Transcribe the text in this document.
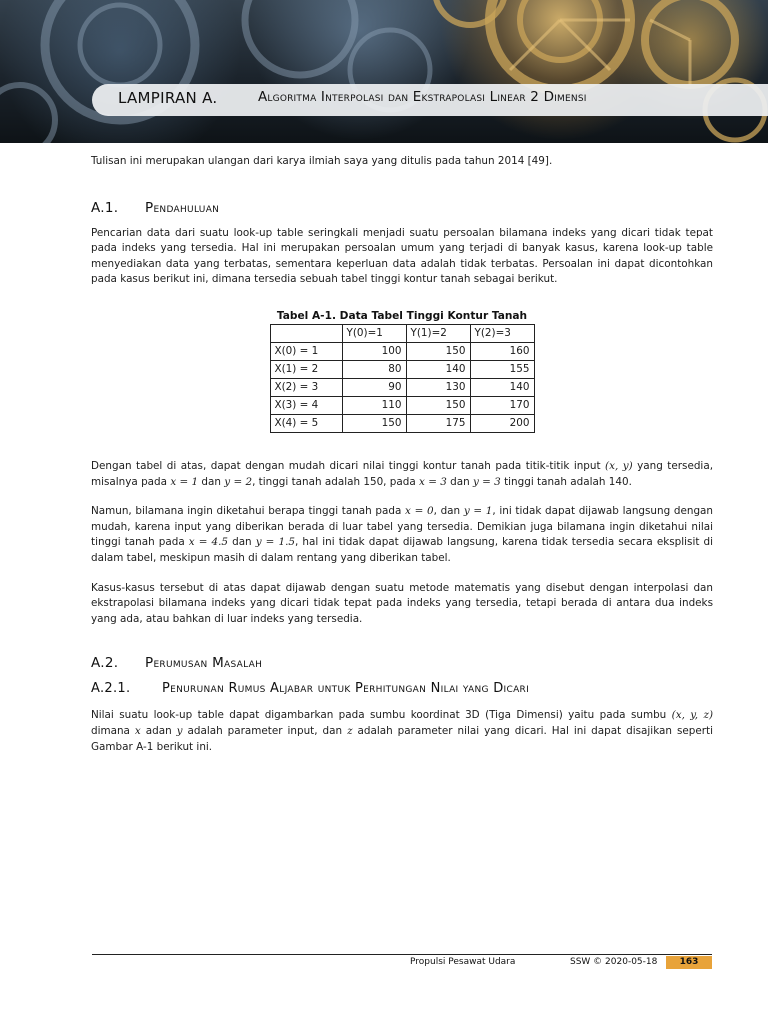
LAMPIRAN A.	Algoritma Interpolasi dan Ekstrapolasi Linear 2 Dimensi

Tulisan ini merupakan ulangan dari karya ilmiah saya yang ditulis pada tahun 2014 [49].

A.1. Pendahuluan

Pencarian data dari suatu look-up table seringkali menjadi suatu persoalan bilamana indeks yang dicari tidak tepat pada indeks yang tersedia. Hal ini merupakan persoalan umum yang terjadi di banyak kasus, karena look-up table menyediakan data yang terbatas, sementara keperluan data adalah tidak terbatas. Persoalan ini dapat dicontohkan pada kasus berikut ini, dimana tersedia sebuah tabel tinggi kontur tanah sebagai berikut.

Tabel A-1. Data Tabel Tinggi Kontur Tanah
	Y(0)=1	Y(1)=2	Y(2)=3
X(0) = 1	100	150	160
X(1) = 2	80	140	155
X(2) = 3	90	130	140
X(3) = 4	110	150	170
X(4) = 5	150	175	200

Dengan tabel di atas, dapat dengan mudah dicari nilai tinggi kontur tanah pada titik-titik input (x, y) yang tersedia, misalnya pada x = 1 dan y = 2, tinggi tanah adalah 150, pada x = 3 dan y = 3 tinggi tanah adalah 140.

Namun, bilamana ingin diketahui berapa tinggi tanah pada x = 0, dan y = 1, ini tidak dapat dijawab langsung dengan mudah, karena input yang diberikan berada di luar tabel yang tersedia. Demikian juga bilamana ingin diketahui nilai tinggi tanah pada x = 4.5 dan y = 1.5, hal ini tidak dapat dijawab langsung, karena tidak tersedia secara eksplisit di dalam tabel, meskipun masih di dalam rentang yang diberikan tabel.

Kasus-kasus tersebut di atas dapat dijawab dengan suatu metode matematis yang disebut dengan interpolasi dan ekstrapolasi bilamana indeks yang dicari tidak tepat pada indeks yang tersedia, tetapi berada di antara dua indeks yang ada, atau bahkan di luar indeks yang tersedia.

A.2. Perumusan Masalah
A.2.1. Penurunan Rumus Aljabar untuk Perhitungan Nilai yang Dicari

Nilai suatu look-up table dapat digambarkan pada sumbu koordinat 3D (Tiga Dimensi) yaitu pada sumbu (x, y, z) dimana x adan y adalah parameter input, dan z adalah parameter nilai yang dicari. Hal ini dapat disajikan seperti Gambar A-1 berikut ini.

Propulsi Pesawat Udara	SSW © 2020-05-18	163
